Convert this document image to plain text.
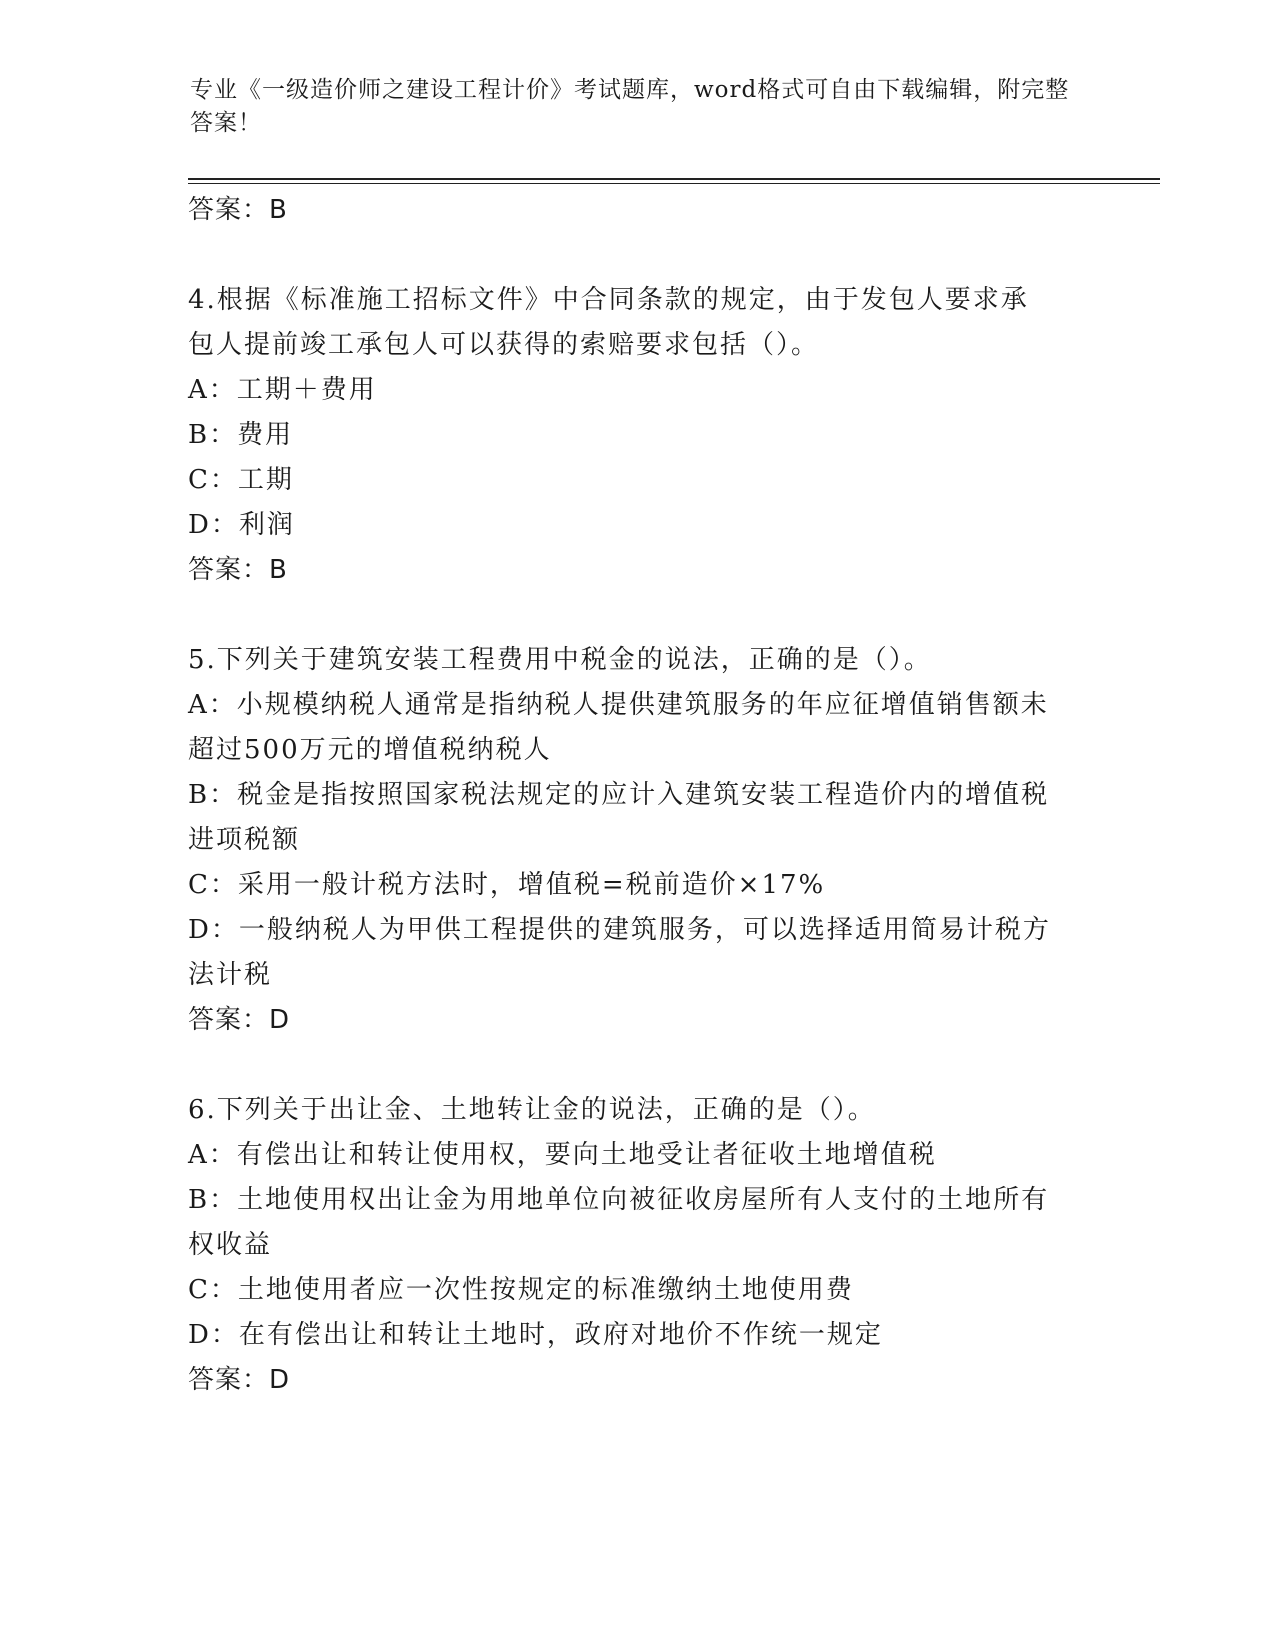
专业《一级造价师之建设工程计价》考试题库，word格式可自由下载编辑，附完整答案！

答案：B

4.根据《标准施工招标文件》中合同条款的规定，由于发包人要求承

包人提前竣工承包人可以获得的索赔要求包括（）。

A：工期＋费用

B：费用

C：工期

D：利润

答案：B

5.下列关于建筑安装工程费用中税金的说法，正确的是（）。

A：小规模纳税人通常是指纳税人提供建筑服务的年应征增值销售额未

超过500万元的增值税纳税人

B：税金是指按照国家税法规定的应计入建筑安装工程造价内的增值税

进项税额

C：采用一般计税方法时，增值税=税前造价×17%

D：一般纳税人为甲供工程提供的建筑服务，可以选择适用简易计税方

法计税

答案：D

6.下列关于出让金、土地转让金的说法，正确的是（）。

A：有偿出让和转让使用权，要向土地受让者征收土地增值税

B：土地使用权出让金为用地单位向被征收房屋所有人支付的土地所有

权收益

C：土地使用者应一次性按规定的标准缴纳土地使用费

D：在有偿出让和转让土地时，政府对地价不作统一规定

答案：D
